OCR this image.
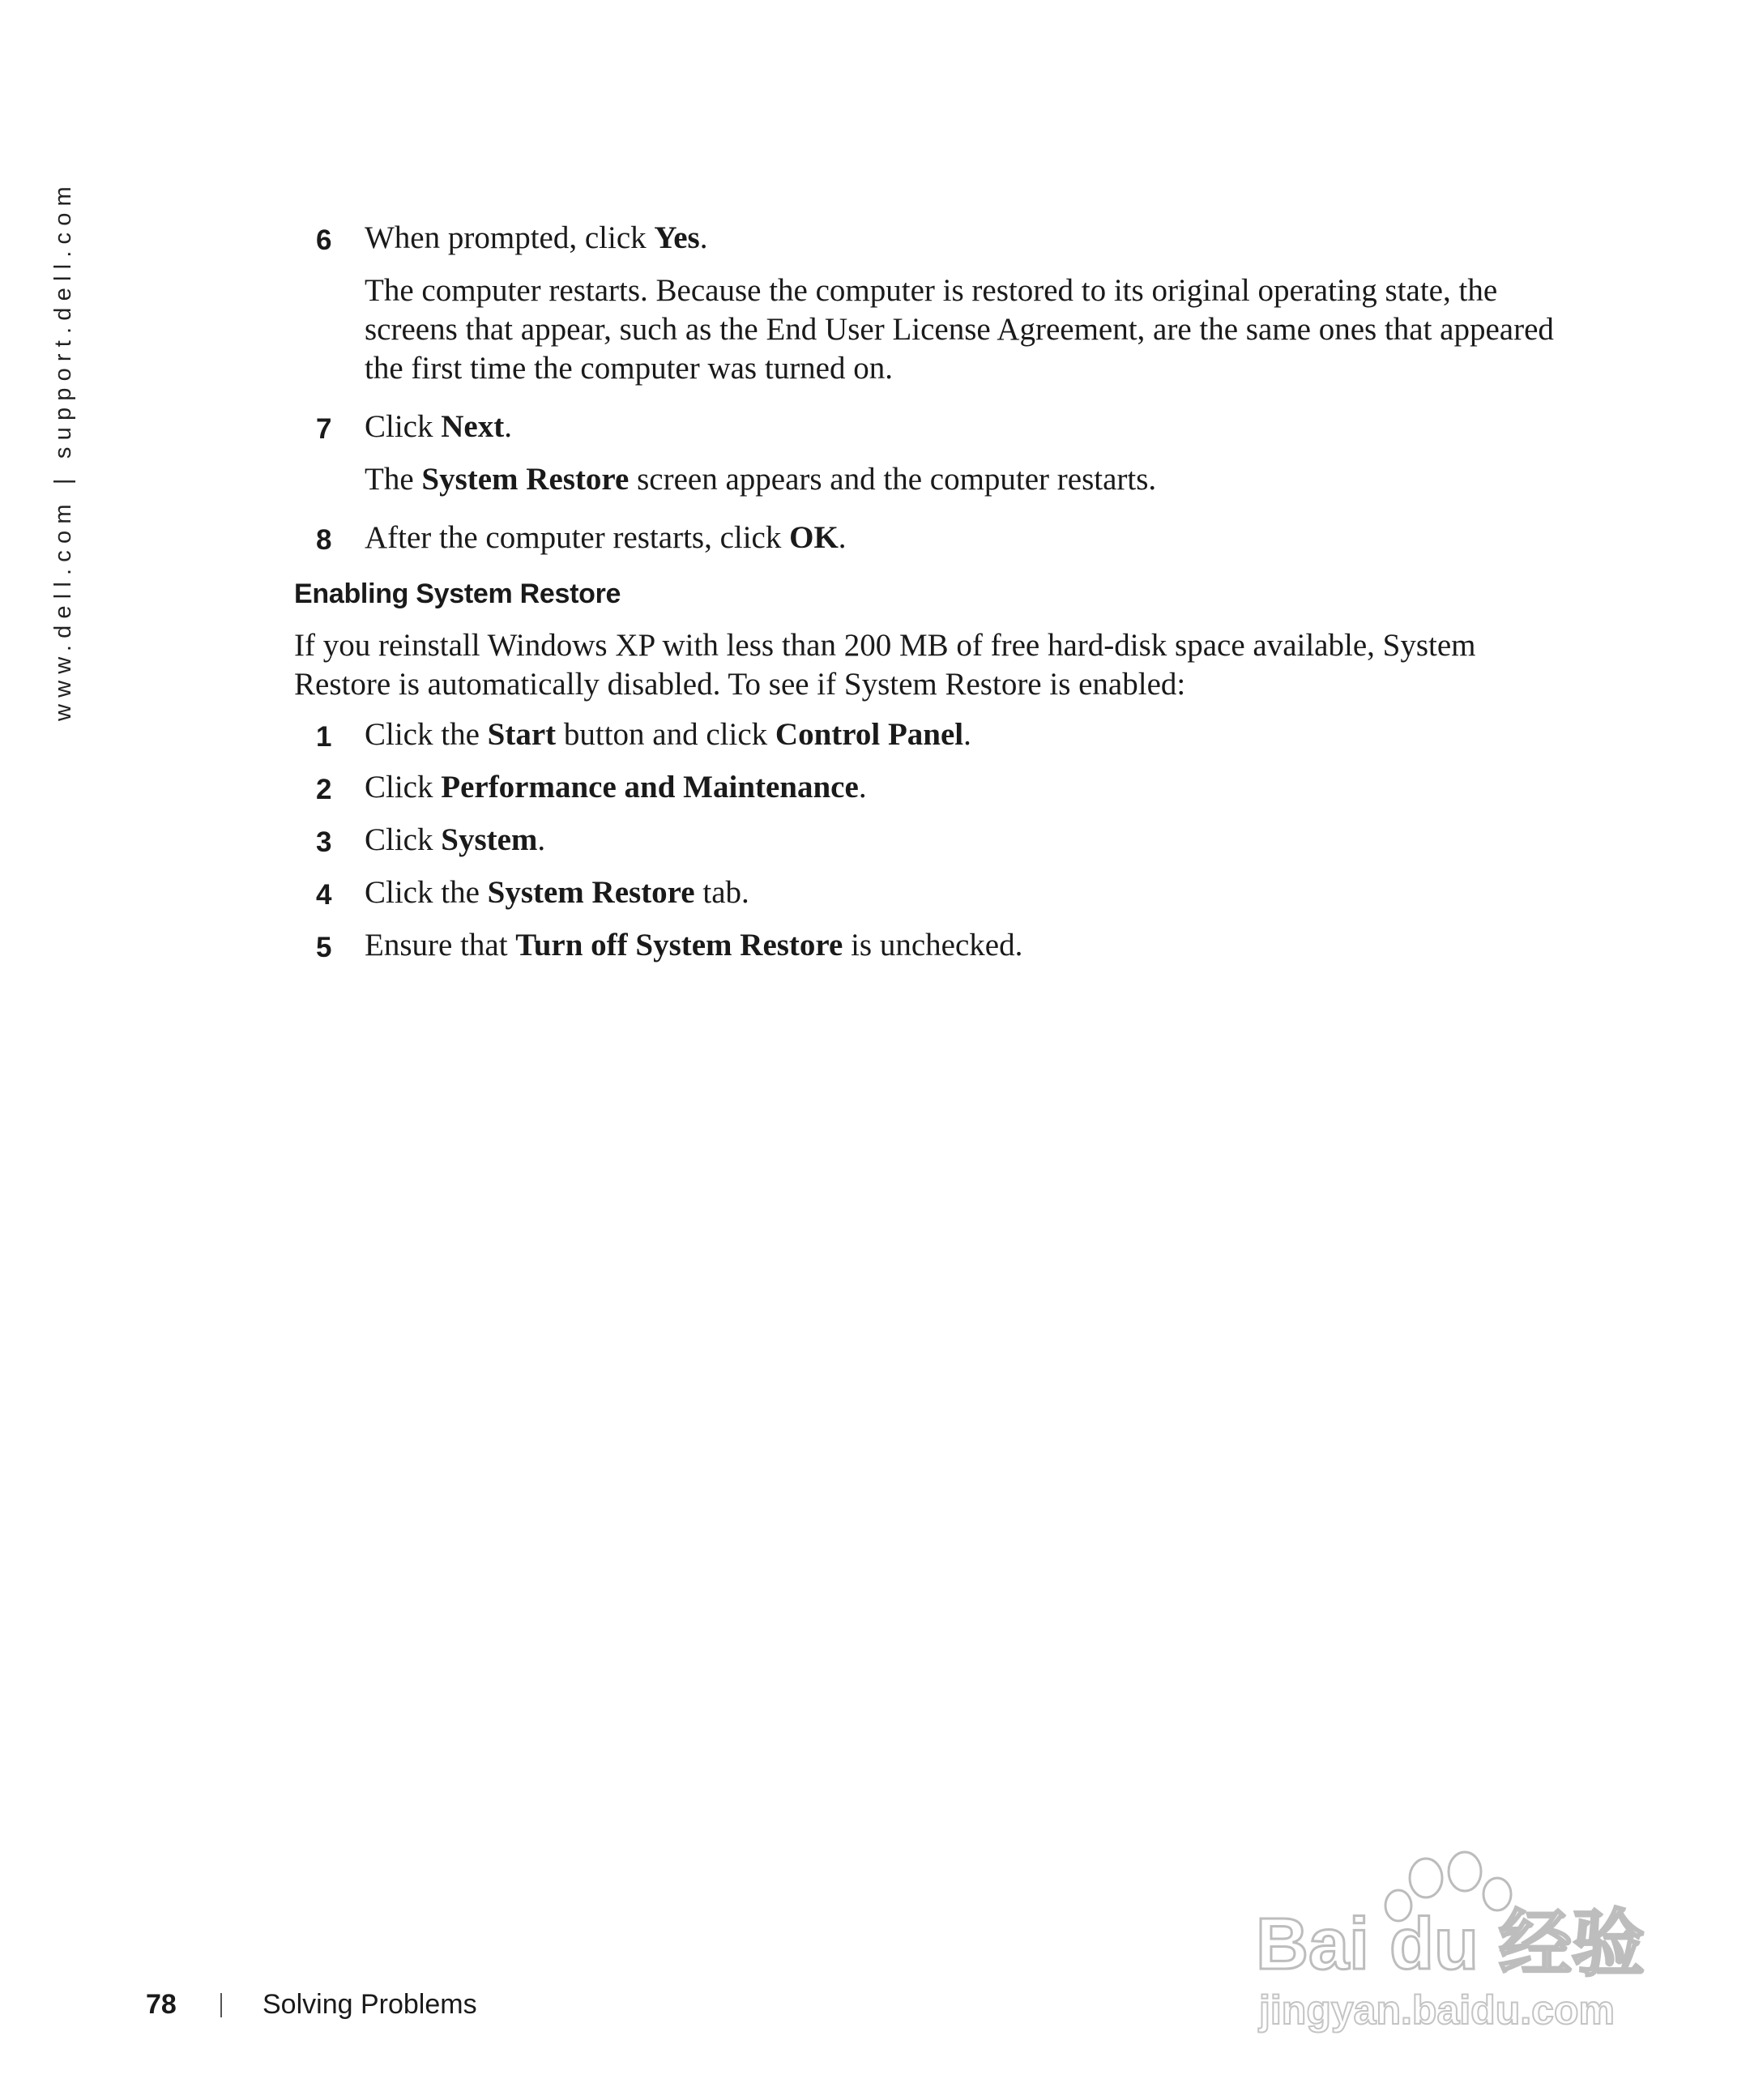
www.dell.com | support.dell.com	6 When prompted, click Yes.

The computer restarts. Because the computer is restored to its original operating state, the screens that appear, such as the End User License Agreement, are the same ones that appeared the first time the computer was turned on.

7 Click Next.

The System Restore screen appears and the computer restarts.

8 After the computer restarts, click OK.

Enabling System Restore

If you reinstall Windows XP with less than 200 MB of free hard-disk space available, System Restore is automatically disabled. To see if System Restore is enabled:

1 Click the Start button and click Control Panel.

2 Click Performance and Maintenance.

3 Click System.

4 Click the System Restore tab.

5 Ensure that Turn off System Restore is unchecked.

78	Solving Problems
Bai du 经验
jingyan.baidu.com
